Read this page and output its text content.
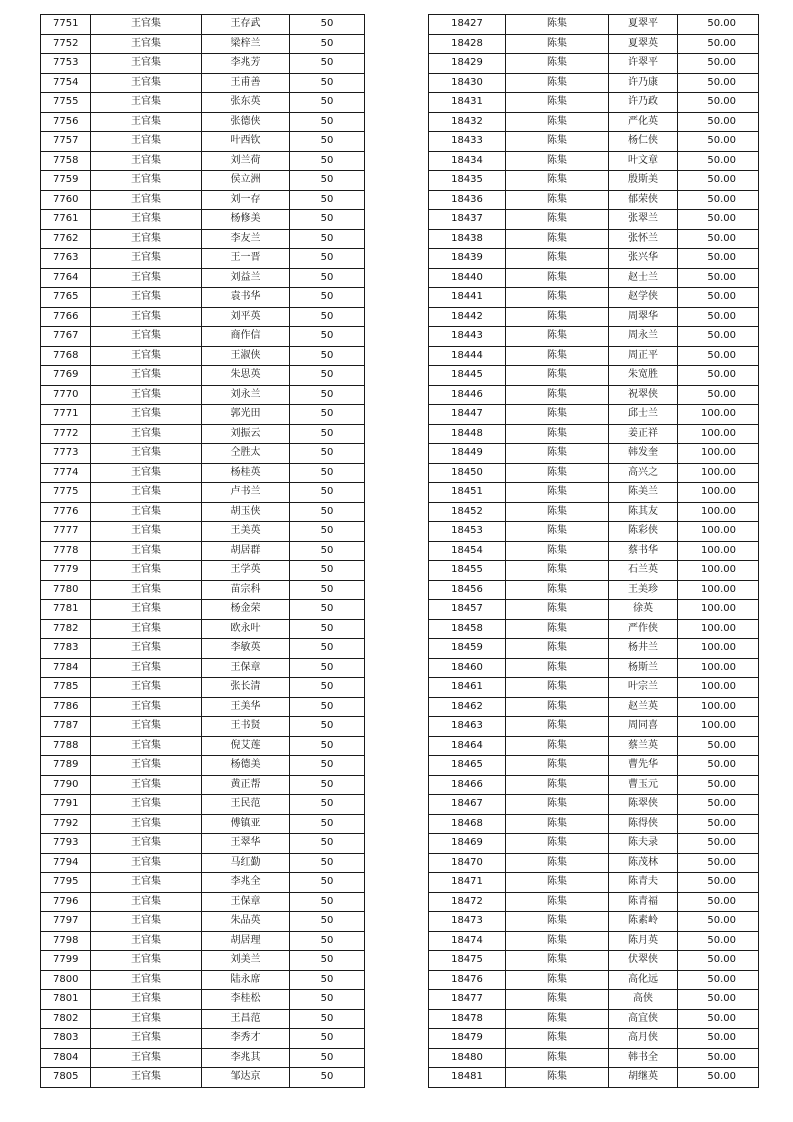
7751	王官集	王存武	50
7752	王官集	梁梓兰	50
7753	王官集	李兆芳	50
7754	王官集	王甫善	50
7755	王官集	张东英	50
7756	王官集	张德侠	50
7757	王官集	叶西钦	50
7758	王官集	刘兰荷	50
7759	王官集	侯立洲	50
7760	王官集	刘一存	50
7761	王官集	杨修美	50
7762	王官集	李友兰	50
7763	王官集	王一晋	50
7764	王官集	刘益兰	50
7765	王官集	袁书华	50
7766	王官集	刘平英	50
7767	王官集	商作信	50
7768	王官集	王淑侠	50
7769	王官集	朱思英	50
7770	王官集	刘永兰	50
7771	王官集	郭光田	50
7772	王官集	刘振云	50
7773	王官集	仝胜太	50
7774	王官集	杨桂英	50
7775	王官集	卢书兰	50
7776	王官集	胡玉侠	50
7777	王官集	王美英	50
7778	王官集	胡居群	50
7779	王官集	王学英	50
7780	王官集	苗宗科	50
7781	王官集	杨金荣	50
7782	王官集	欧永叶	50
7783	王官集	李敏英	50
7784	王官集	王保章	50
7785	王官集	张长清	50
7786	王官集	王美华	50
7787	王官集	王书贤	50
7788	王官集	倪艾莲	50
7789	王官集	杨德美	50
7790	王官集	黄正帮	50
7791	王官集	王民范	50
7792	王官集	傅镇亚	50
7793	王官集	王翠华	50
7794	王官集	马红勤	50
7795	王官集	李兆全	50
7796	王官集	王保章	50
7797	王官集	朱品英	50
7798	王官集	胡居理	50
7799	王官集	刘美兰	50
7800	王官集	陆永席	50
7801	王官集	李桂松	50
7802	王官集	王昌范	50
7803	王官集	李秀才	50
7804	王官集	李兆其	50
7805	王官集	邹达京	50
18427	陈集	夏翠平	50.00
18428	陈集	夏翠英	50.00
18429	陈集	许翠平	50.00
18430	陈集	许乃康	50.00
18431	陈集	许乃政	50.00
18432	陈集	严化英	50.00
18433	陈集	杨仁侠	50.00
18434	陈集	叶文章	50.00
18435	陈集	殷斯美	50.00
18436	陈集	郁荣侠	50.00
18437	陈集	张翠兰	50.00
18438	陈集	张怀兰	50.00
18439	陈集	张兴华	50.00
18440	陈集	赵士兰	50.00
18441	陈集	赵学侠	50.00
18442	陈集	周翠华	50.00
18443	陈集	周永兰	50.00
18444	陈集	周正平	50.00
18445	陈集	朱宽胜	50.00
18446	陈集	祝翠侠	50.00
18447	陈集	邱士兰	100.00
18448	陈集	姜正祥	100.00
18449	陈集	韩发奎	100.00
18450	陈集	高兴之	100.00
18451	陈集	陈美兰	100.00
18452	陈集	陈其友	100.00
18453	陈集	陈彩侠	100.00
18454	陈集	蔡书华	100.00
18455	陈集	石兰英	100.00
18456	陈集	王美珍	100.00
18457	陈集	徐英	100.00
18458	陈集	严作侠	100.00
18459	陈集	杨井兰	100.00
18460	陈集	杨斯兰	100.00
18461	陈集	叶宗兰	100.00
18462	陈集	赵兰英	100.00
18463	陈集	周同喜	100.00
18464	陈集	蔡兰英	50.00
18465	陈集	曹先华	50.00
18466	陈集	曹玉元	50.00
18467	陈集	陈翠侠	50.00
18468	陈集	陈得侠	50.00
18469	陈集	陈夫录	50.00
18470	陈集	陈茂林	50.00
18471	陈集	陈青夫	50.00
18472	陈集	陈青福	50.00
18473	陈集	陈素岭	50.00
18474	陈集	陈月英	50.00
18475	陈集	伏翠侠	50.00
18476	陈集	高化远	50.00
18477	陈集	高侠	50.00
18478	陈集	高宜侠	50.00
18479	陈集	高月侠	50.00
18480	陈集	韩书全	50.00
18481	陈集	胡继英	50.00
